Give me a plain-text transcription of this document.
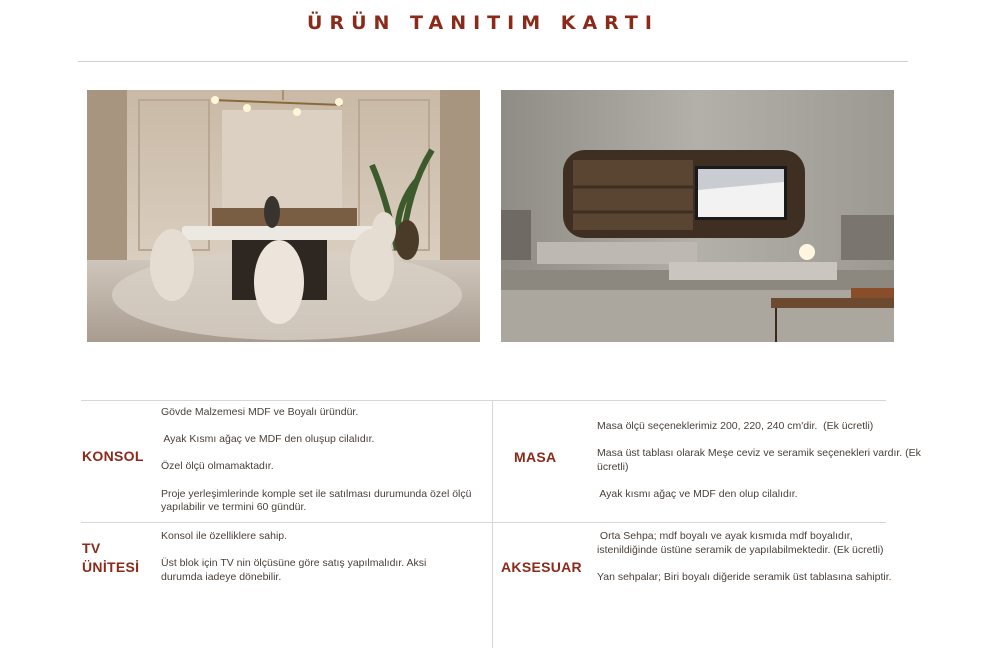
ÜRÜN TANITIM KARTI
KONSOL

Gövde Malzemesi MDF ve Boyalı üründür.

Ayak Kısmı ağaç ve MDF den oluşup cilalıdır.

Özel ölçü olmamaktadır.

Proje yerleşimlerinde komple set ile satılması durumunda özel ölçü

yapılabilir ve termini 60 gündür.

MASA

Masa ölçü seçeneklerimiz 200, 220, 240 cm'dir.  (Ek ücretli)

Masa üst tablası olarak Meşe ceviz ve seramik seçenekleri vardır. (Ek

ücretli)

Ayak kısmı ağaç ve MDF den olup cilalıdır.

TV
ÜNİTESİ

Konsol ile özelliklere sahip.

Üst blok için TV nin ölçüsüne göre satış yapılmalıdır. Aksi

durumda iadeye dönebilir.

AKSESUAR

Orta Sehpa; mdf boyalı ve ayak kısmıda mdf boyalıdır,

istenildiğinde üstüne seramik de yapılabilmektedir. (Ek ücretli)

Yan sehpalar; Biri boyalı diğeride seramik üst tablasına sahiptir.
